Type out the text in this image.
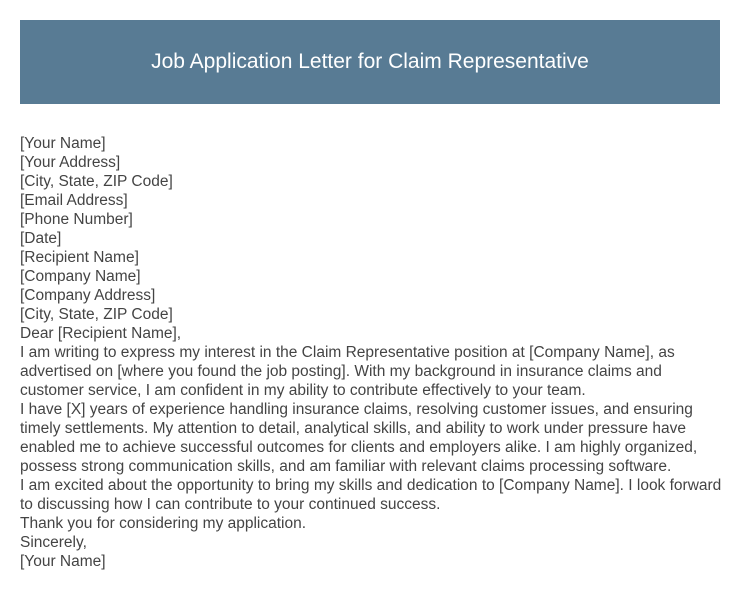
Job Application Letter for Claim Representative

[Your Name]

[Your Address]

[City, State, ZIP Code]

[Email Address]

[Phone Number]

[Date]

[Recipient Name]

[Company Name]

[Company Address]

[City, State, ZIP Code]

Dear [Recipient Name],

I am writing to express my interest in the Claim Representative position at [Company Name], as advertised on [where you found the job posting]. With my background in insurance claims and customer service, I am confident in my ability to contribute effectively to your team.

I have [X] years of experience handling insurance claims, resolving customer issues, and ensuring timely settlements. My attention to detail, analytical skills, and ability to work under pressure have enabled me to achieve successful outcomes for clients and employers alike. I am highly organized, possess strong communication skills, and am familiar with relevant claims processing software.

I am excited about the opportunity to bring my skills and dedication to [Company Name]. I look forward to discussing how I can contribute to your continued success.

Thank you for considering my application.

Sincerely,

[Your Name]
